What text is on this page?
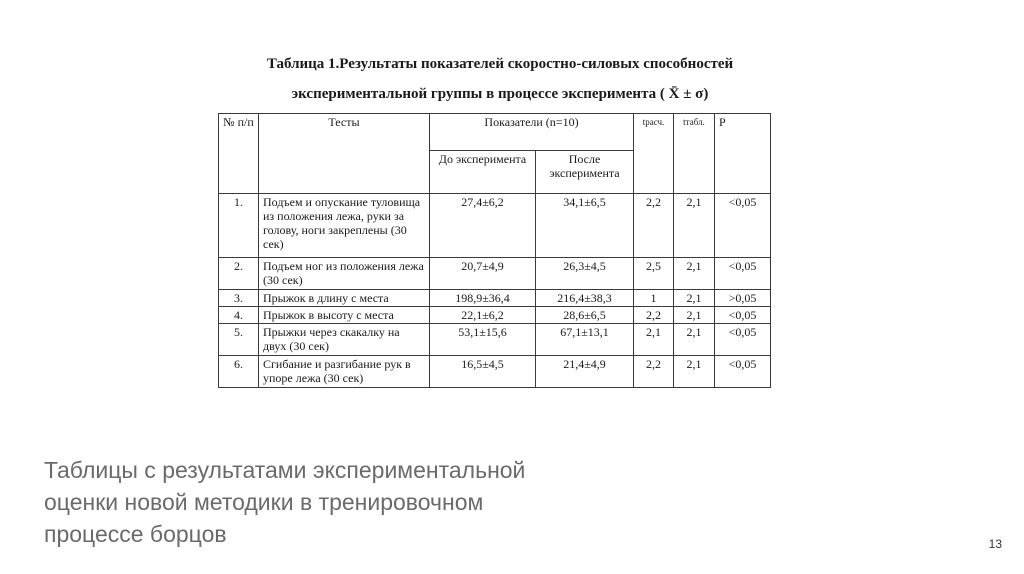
Таблица 1.Результаты показателей скоростно-силовых способностей
экспериментальной группы в процессе эксперимента ( X̄ ± σ)
№ п/п	Тесты	Показатели (n=10)		tрасч.	tтабл.	P
		До эксперимента	После эксперимента			
1.	Подъем и опускание туловища из положения лежа, руки за голову, ноги закреплены (30 сек)	27,4±6,2	34,1±6,5	2,2	2,1	<0,05
2.	Подъем ног из положения лежа (30 сек)	20,7±4,9	26,3±4,5	2,5	2,1	<0,05
3.	Прыжок в длину с места	198,9±36,4	216,4±38,3	1	2,1	>0,05
4.	Прыжок в высоту с места	22,1±6,2	28,6±6,5	2,2	2,1	<0,05
5.	Прыжки через скакалку на двух (30 сек)	53,1±15,6	67,1±13,1	2,1	2,1	<0,05
6.	Сгибание и разгибание рук в упоре лежа (30 сек)	16,5±4,5	21,4±4,9	2,2	2,1	<0,05
Таблицы с результатами экспериментальной
оценки новой методики в тренировочном
процессе борцов	13
